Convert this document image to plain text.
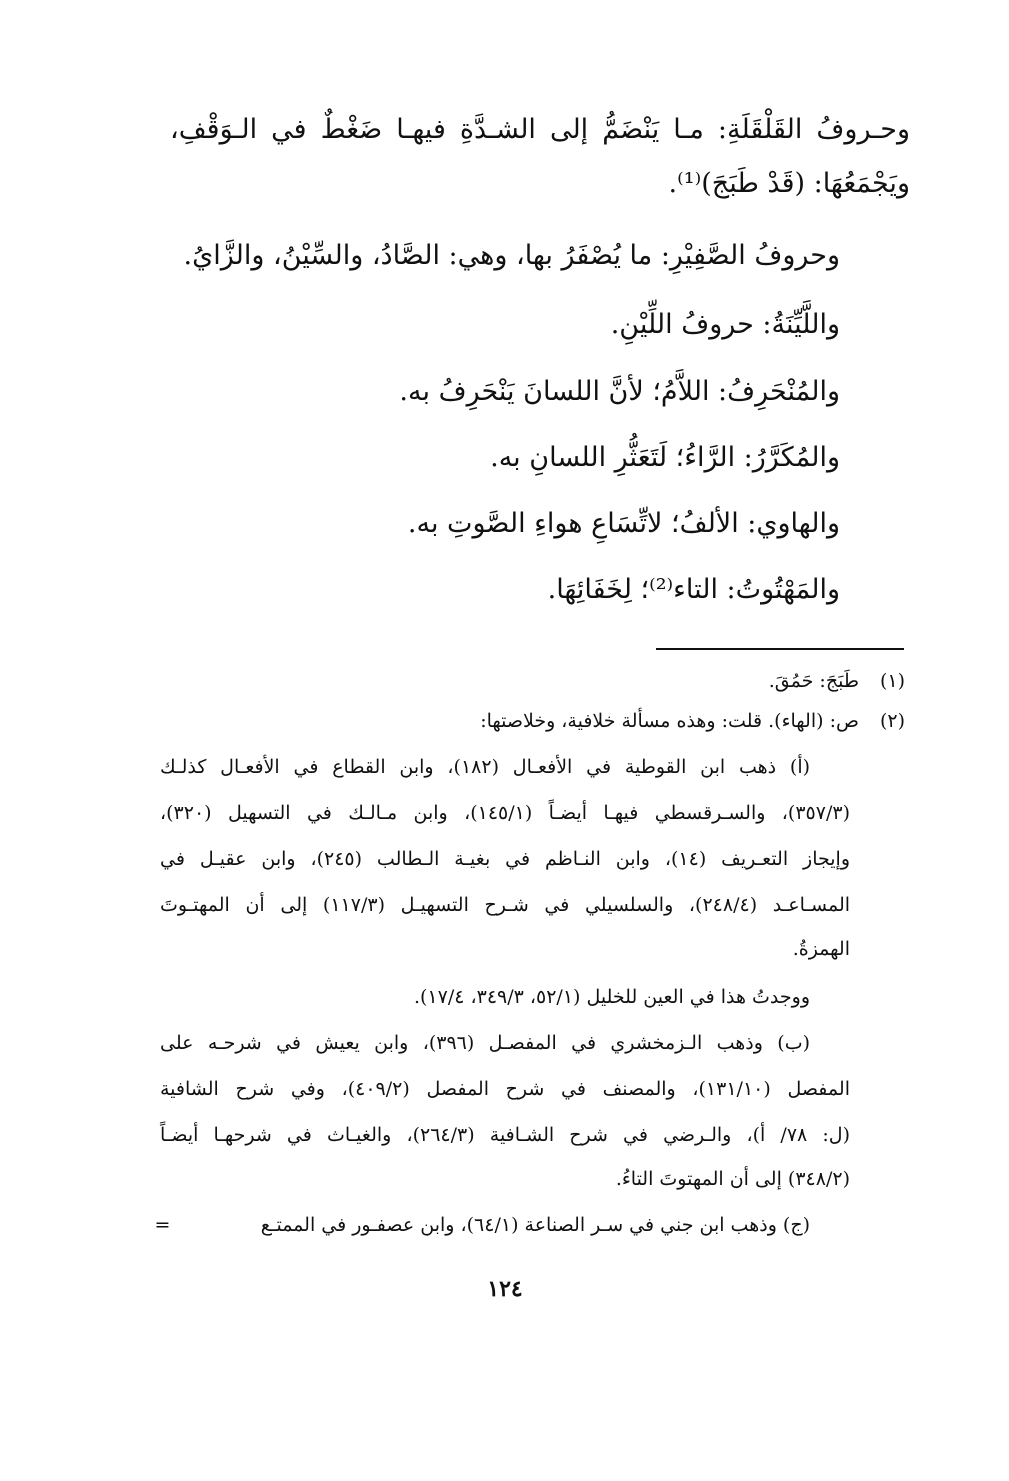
وحـروفُ القَلْقَلَةِ: مـا يَنْضَمُّ إلى الشـدَّةِ فيهـا ضَغْطٌ في الـوَقْفِ،

ويَجْمَعُهَا: (قَدْ طَبَجَ)⁽¹⁾.

وحروفُ الصَّفِيْرِ: ما يُصْفَرُ بها، وهي: الصَّادُ، والسِّيْنُ، والزَّايُ.

واللَّيِّنَةُ: حروفُ اللِّيْنِ.

والمُنْحَرِفُ: اللاَّمُ؛ لأنَّ اللسانَ يَنْحَرِفُ به.

والمُكَرَّرُ: الرَّاءُ؛ لَتَعَثُّرِ اللسانِ به.

والهاوي: الألفُ؛ لاتِّسَاعِ هواءِ الصَّوتِ به.

والمَهْتُوتُ: التاء⁽²⁾؛ لِخَفَائِهَا.

(١) طَبَجَ: حَمُقَ.

(٢) ص: (الهاء). قلت: وهذه مسألة خلافية، وخلاصتها:

(أ) ذهب ابن القوطية في الأفعـال (١٨٢)، وابن القطاع في الأفعـال كذلـك

(٣٥٧/٣)، والسـرقسطي فيهـا أيضـاً (١٤٥/١)، وابن مـالـك في التسهيل (٣٢٠)،

وإيجاز التعـريف (١٤)، وابن النـاظم في بغيـة الـطالب (٢٤٥)، وابن عقيـل في

المسـاعـد (٢٤٨/٤)، والسلسيلي في شـرح التسهيـل (١١٧/٣) إلى أن المهتـوتَ

الهمزةُ.

ووجدتُ هذا في العين للخليل (٥٢/١، ٣٤٩/٣، ١٧/٤).

(ب) وذهب الـزمخشري في المفصـل (٣٩٦)، وابن يعيش في شرحـه على

المفصل (١٣١/١٠)، والمصنف في شرح المفصل (٤٠٩/٢)، وفي شرح الشافية

(ل: ٧٨/ أ)، والـرضي في شرح الشـافية (٢٦٤/٣)، والغيـاث في شرحهـا أيضـاً

(٣٤٨/٢) إلى أن المهتوتَ التاءُ.

(ج) وذهب ابن جني في سـر الصناعة (٦٤/١)، وابن عصفـور في الممتـع

=
١٢٤
